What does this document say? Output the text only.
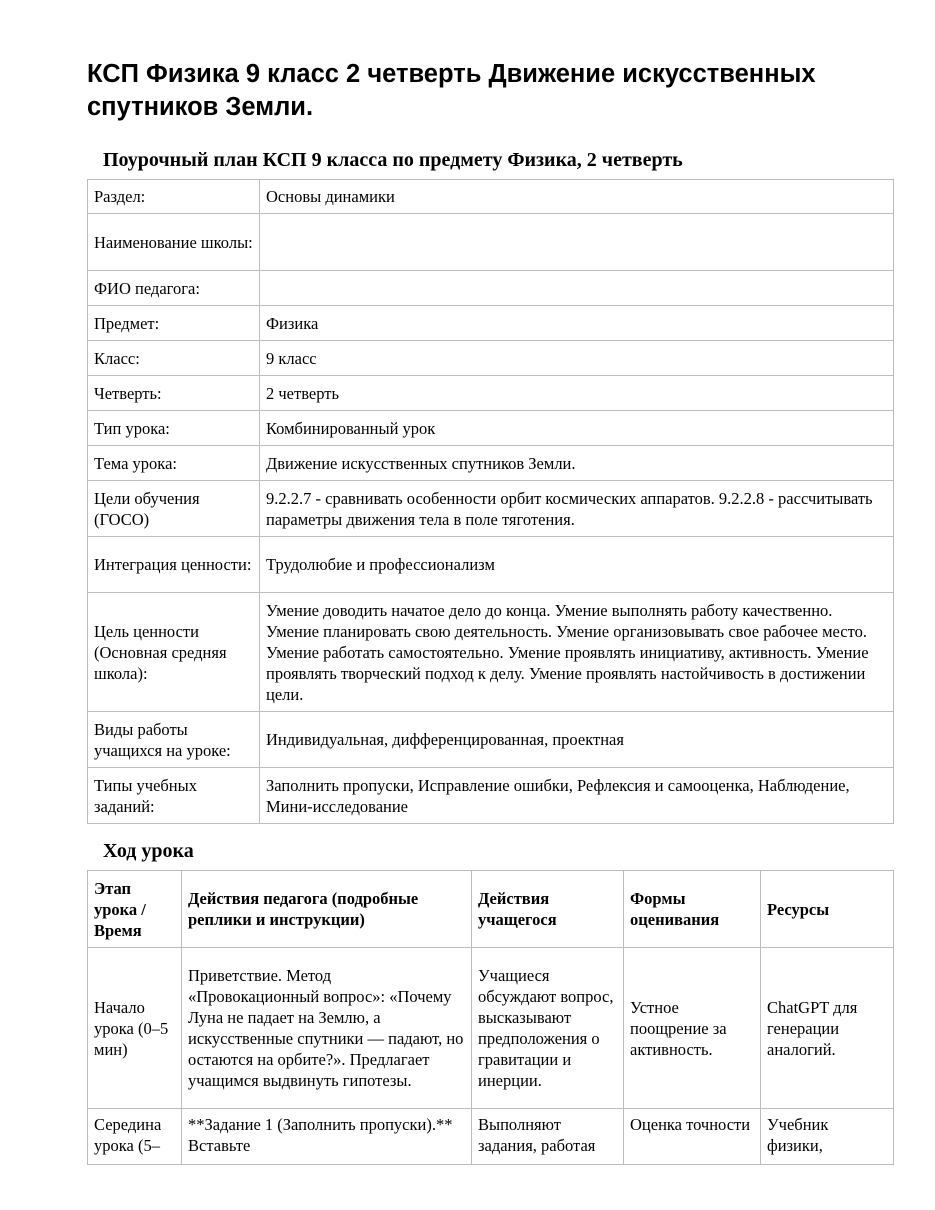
КСП Физика 9 класс 2 четверть Движение искусственных спутников Земли.
Поурочный план КСП 9 класса по предмету Физика, 2 четверть
Раздел:	Основы динамики
Наименование школы:	
ФИО педагога:	
Предмет:	Физика
Класс:	9 класс
Четверть:	2 четверть
Тип урока:	Комбинированный урок
Тема урока:	Движение искусственных спутников Земли.
Цели обучения (ГОСО)	9.2.2.7 - сравнивать особенности орбит космических аппаратов. 9.2.2.8 - рассчитывать параметры движения тела в поле тяготения.
Интеграция ценности:	Трудолюбие и профессионализм
Цель ценности (Основная средняя школа):	Умение доводить начатое дело до конца. Умение выполнять работу качественно. Умение планировать свою деятельность. Умение организовывать свое рабочее место. Умение работать самостоятельно. Умение проявлять инициативу, активность. Умение проявлять творческий подход к делу. Умение проявлять настойчивость в достижении цели.
Виды работы учащихся на уроке:	Индивидуальная, дифференцированная, проектная
Типы учебных заданий:	Заполнить пропуски, Исправление ошибки, Рефлексия и самооценка, Наблюдение, Мини-исследование
Ход урока
Этап урока / Время	Действия педагога (подробные реплики и инструкции)	Действия учащегося	Формы оценивания	Ресурсы
Начало урока (0–5 мин)	Приветствие. Метод «Провокационный вопрос»: «Почему Луна не падает на Землю, а искусственные спутники — падают, но остаются на орбите?». Предлагает учащимся выдвинуть гипотезы.	Учащиеся обсуждают вопрос, высказывают предположения о гравитации и инерции.	Устное поощрение за активность.	ChatGPT для генерации аналогий.
Середина урока (5–	**Задание 1 (Заполнить пропуски).** Вставьте	Выполняют задания, работая	Оценка точности	Учебник физики,
